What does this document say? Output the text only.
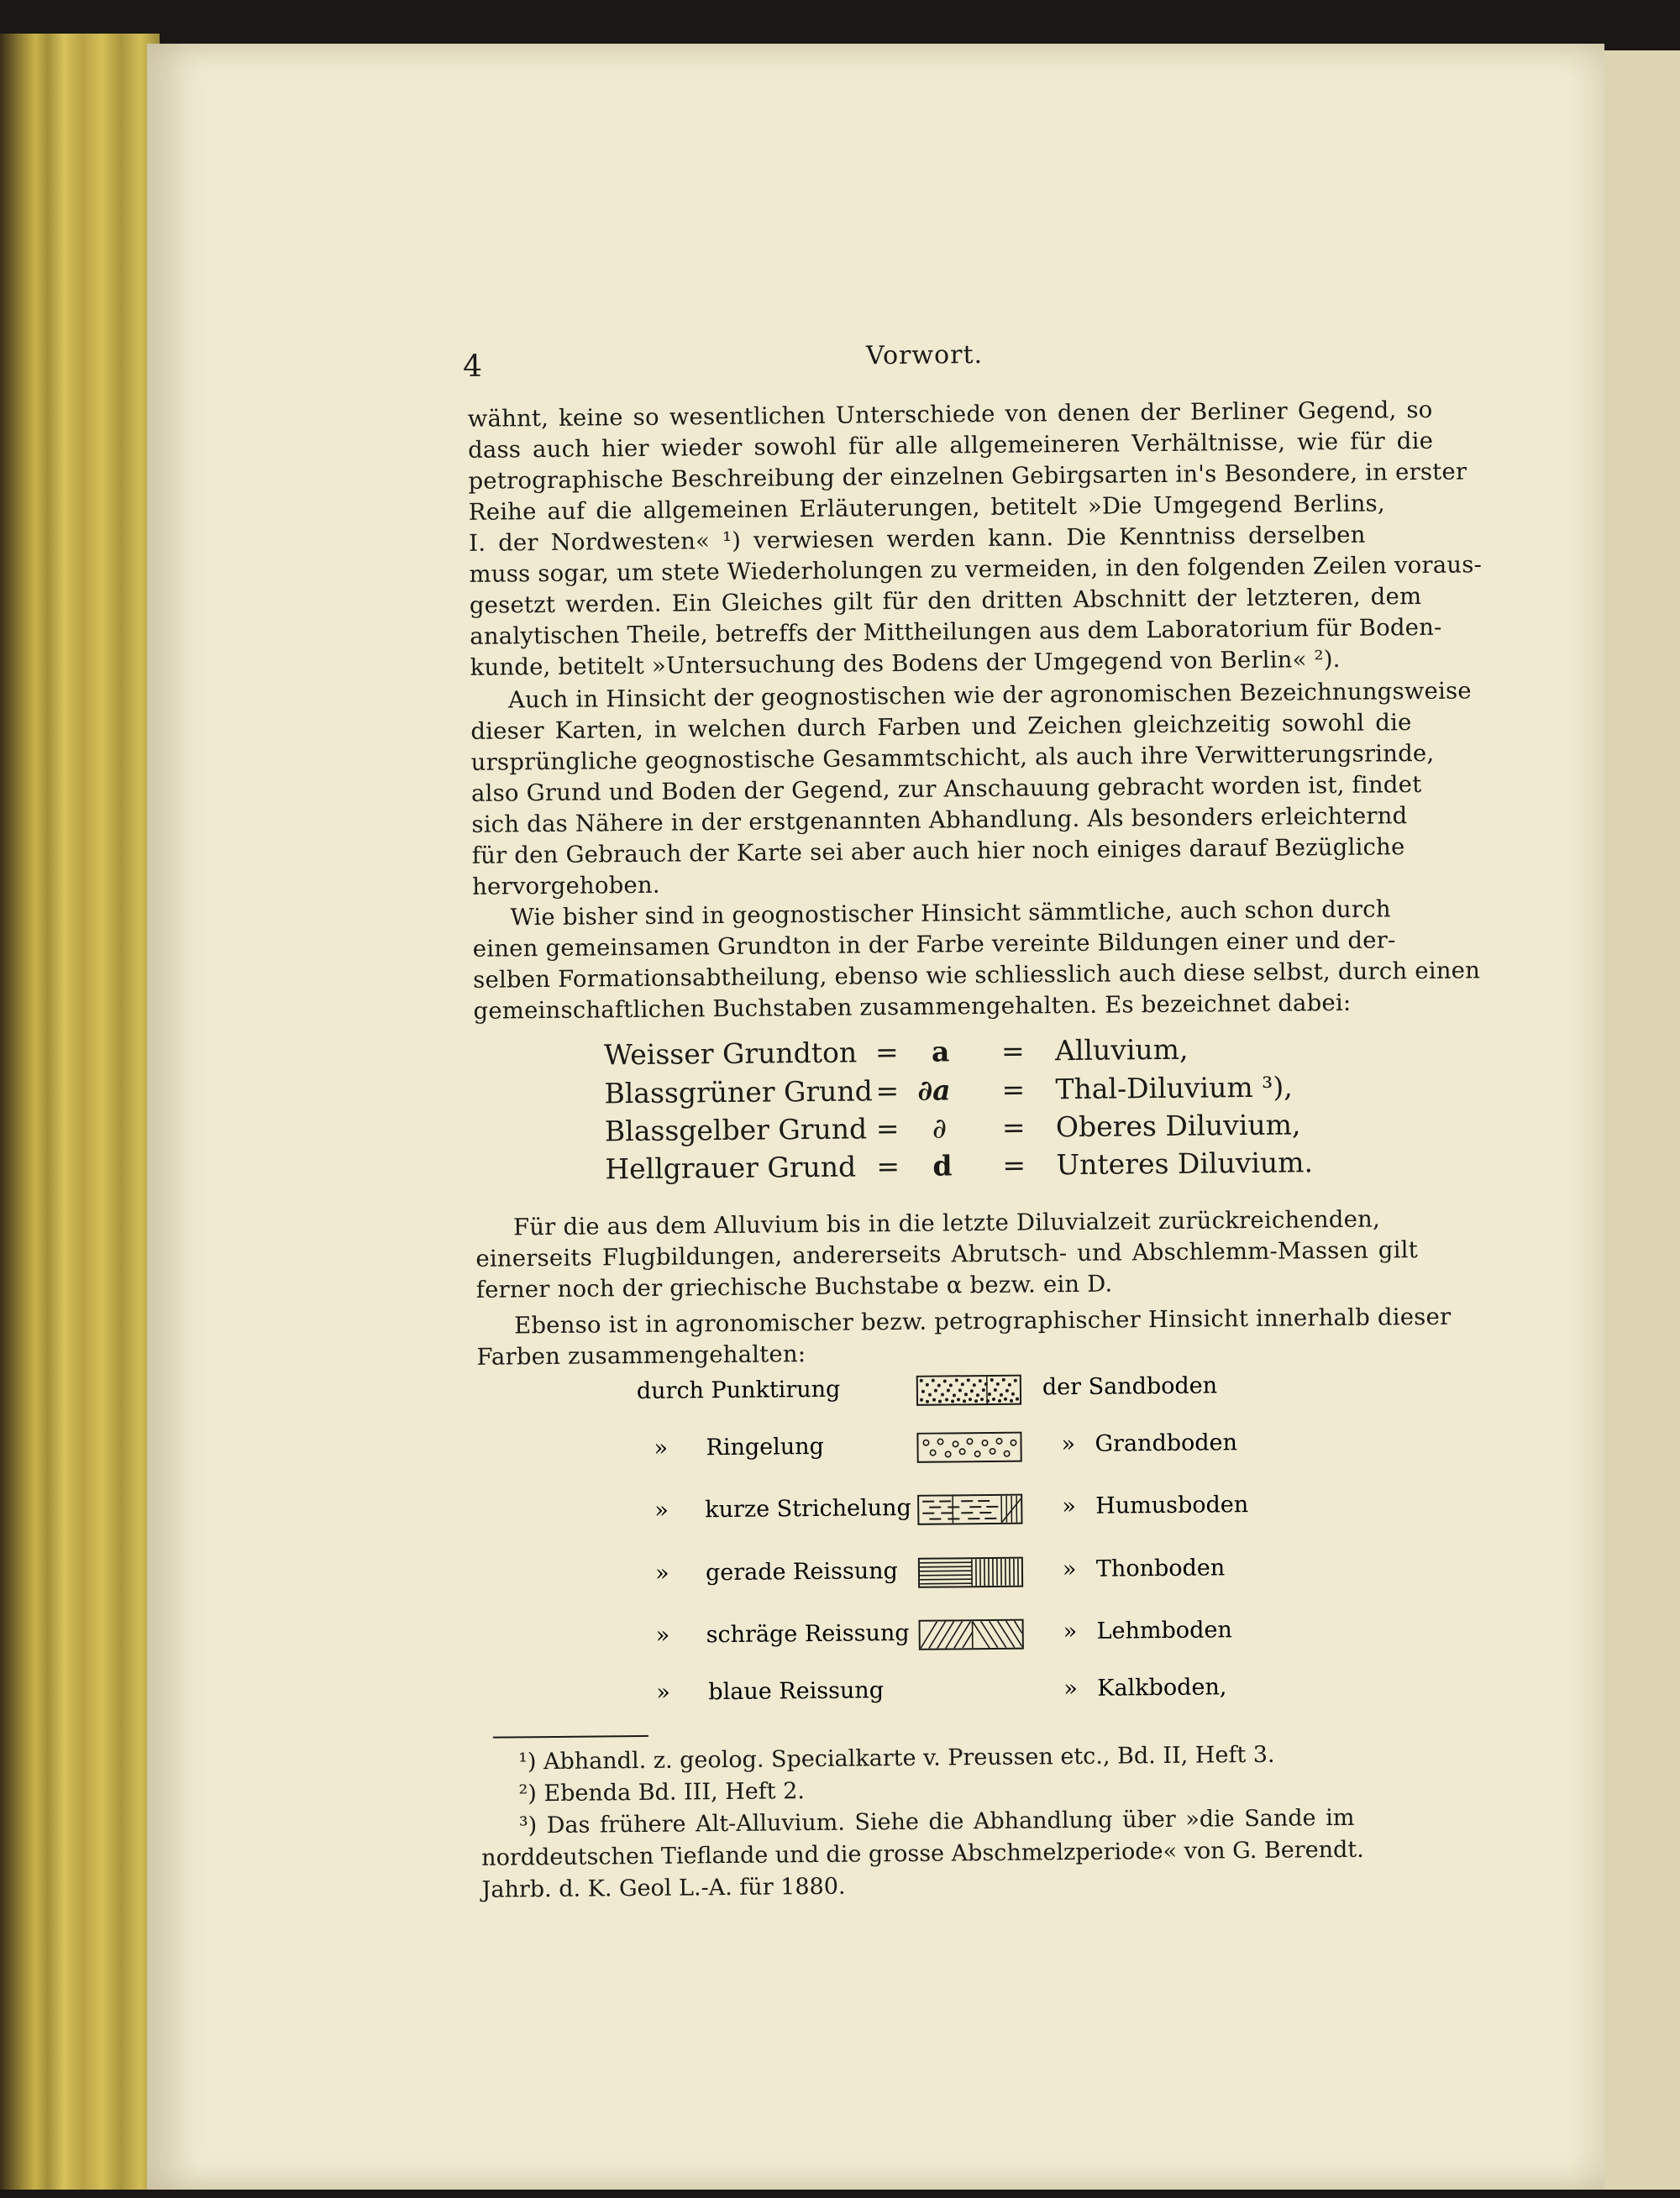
4	Vorwort.
wähnt, keine so wesentlichen Unterschiede von denen der Berliner Gegend, so
dass auch hier wieder sowohl für alle allgemeineren Verhältnisse, wie für die
petrographische Beschreibung der einzelnen Gebirgsarten in's Besondere, in erster
Reihe auf die allgemeinen Erläuterungen, betitelt »Die Umgegend Berlins,
I. der Nordwesten« ¹) verwiesen werden kann. Die Kenntniss derselben
muss sogar, um stete Wiederholungen zu vermeiden, in den folgenden Zeilen voraus-
gesetzt werden. Ein Gleiches gilt für den dritten Abschnitt der letzteren, dem
analytischen Theile, betreffs der Mittheilungen aus dem Laboratorium für Boden-
kunde, betitelt »Untersuchung des Bodens der Umgegend von Berlin« ²).
Auch in Hinsicht der geognostischen wie der agronomischen Bezeichnungsweise
dieser Karten, in welchen durch Farben und Zeichen gleichzeitig sowohl die
ursprüngliche geognostische Gesammtschicht, als auch ihre Verwitterungsrinde,
also Grund und Boden der Gegend, zur Anschauung gebracht worden ist, findet
sich das Nähere in der erstgenannten Abhandlung. Als besonders erleichternd
für den Gebrauch der Karte sei aber auch hier noch einiges darauf Bezügliche
hervorgehoben.
Wie bisher sind in geognostischer Hinsicht sämmtliche, auch schon durch
einen gemeinsamen Grundton in der Farbe vereinte Bildungen einer und der-
selben Formationsabtheilung, ebenso wie schliesslich auch diese selbst, durch einen
gemeinschaftlichen Buchstaben zusammengehalten. Es bezeichnet dabei:
Weisser Grundton = a = Alluvium,
Blassgrüner Grund = ∂a = Thal-Diluvium ³),
Blassgelber Grund = ∂ = Oberes Diluvium,
Hellgrauer Grund = d = Unteres Diluvium.
Für die aus dem Alluvium bis in die letzte Diluvialzeit zurückreichenden,
einerseits Flugbildungen, andererseits Abrutsch- und Abschlemm-Massen gilt
ferner noch der griechische Buchstabe α bezw. ein D.
Ebenso ist in agronomischer bezw. petrographischer Hinsicht innerhalb dieser
Farben zusammengehalten:
durch Punktirung	der Sandboden
» Ringelung	» Grandboden
» kurze Strichelung	» Humusboden
» gerade Reissung	» Thonboden
» schräge Reissung	» Lehmboden
» blaue Reissung	» Kalkboden,
¹) Abhandl. z. geolog. Specialkarte v. Preussen etc., Bd. II, Heft 3.
²) Ebenda Bd. III, Heft 2.
³) Das frühere Alt-Alluvium. Siehe die Abhandlung über »die Sande im
norddeutschen Tieflande und die grosse Abschmelzperiode« von G. Berendt.
Jahrb. d. K. Geol L.-A. für 1880.
